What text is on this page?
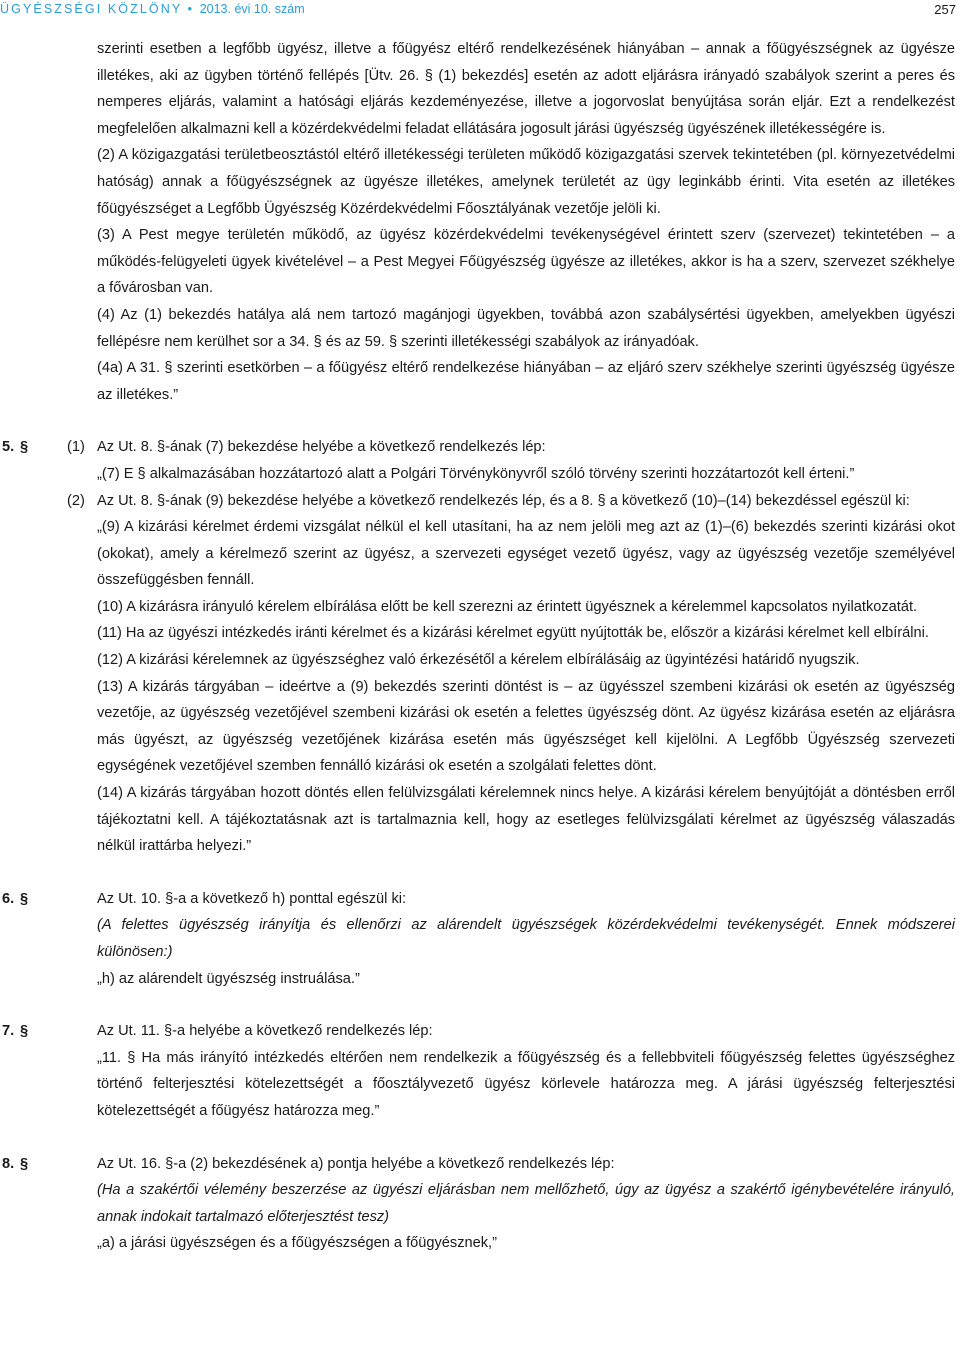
ÜGYÉSZSÉGI KÖZLÖNY • 2013. évi 10. szám	257

szerinti esetben a legfőbb ügyész, illetve a főügyész eltérő rendelkezésének hiányában – annak a főügyészségnek az ügyésze illetékes, aki az ügyben történő fellépés [Ütv. 26. § (1) bekezdés] esetén az adott eljárásra irányadó szabályok szerint a peres és nemperes eljárás, valamint a hatósági eljárás kezdeményezése, illetve a jogorvoslat benyújtása során eljár. Ezt a rendelkezést megfelelően alkalmazni kell a közérdekvédelmi feladat ellátására jogosult járási ügyészség ügyészének illetékességére is.

(2) A közigazgatási területbeosztástól eltérő illetékességi területen működő közigazgatási szervek tekintetében (pl. környezetvédelmi hatóság) annak a főügyészségnek az ügyésze illetékes, amelynek területét az ügy leginkább érinti. Vita esetén az illetékes főügyészséget a Legfőbb Ügyészség Közérdekvédelmi Főosztályának vezetője jelöli ki.

(3) A Pest megye területén működő, az ügyész közérdekvédelmi tevékenységével érintett szerv (szervezet) tekintetében – a működés-felügyeleti ügyek kivételével – a Pest Megyei Főügyészség ügyésze az illetékes, akkor is ha a szerv, szervezet székhelye a fővárosban van.

(4) Az (1) bekezdés hatálya alá nem tartozó magánjogi ügyekben, továbbá azon szabálysértési ügyekben, amelyekben ügyészi fellépésre nem kerülhet sor a 34. § és az 59. § szerinti illetékességi szabályok az irányadóak.

(4a) A 31. § szerinti esetkörben – a főügyész eltérő rendelkezése hiányában – az eljáró szerv székhelye szerinti ügyészség ügyésze az illetékes.”

5. §	(1) Az Ut. 8. §-ának (7) bekezdése helyébe a következő rendelkezés lép:

„(7) E § alkalmazásában hozzátartozó alatt a Polgári Törvénykönyvről szóló törvény szerinti hozzátartozót kell érteni.”

(2) Az Ut. 8. §-ának (9) bekezdése helyébe a következő rendelkezés lép, és a 8. § a következő (10)–(14) bekezdéssel egészül ki:

„(9) A kizárási kérelmet érdemi vizsgálat nélkül el kell utasítani, ha az nem jelöli meg azt az (1)–(6) bekezdés szerinti kizárási okot (okokat), amely a kérelmező szerint az ügyész, a szervezeti egységet vezető ügyész, vagy az ügyészség vezetője személyével összefüggésben fennáll.

(10) A kizárásra irányuló kérelem elbírálása előtt be kell szerezni az érintett ügyésznek a kérelemmel kapcsolatos nyilatkozatát.

(11) Ha az ügyészi intézkedés iránti kérelmet és a kizárási kérelmet együtt nyújtották be, először a kizárási kérelmet kell elbírálni.

(12) A kizárási kérelemnek az ügyészséghez való érkezésétől a kérelem elbírálásáig az ügyintézési határidő nyugszik.

(13) A kizárás tárgyában – ideértve a (9) bekezdés szerinti döntést is – az ügyésszel szembeni kizárási ok esetén az ügyészség vezetője, az ügyészség vezetőjével szembeni kizárási ok esetén a felettes ügyészség dönt. Az ügyész kizárása esetén az eljárásra más ügyészt, az ügyészség vezetőjének kizárása esetén más ügyészséget kell kijelölni. A Legfőbb Ügyészség szervezeti egységének vezetőjével szemben fennálló kizárási ok esetén a szolgálati felettes dönt.

(14) A kizárás tárgyában hozott döntés ellen felülvizsgálati kérelemnek nincs helye. A kizárási kérelem benyújtóját a döntésben erről tájékoztatni kell. A tájékoztatásnak azt is tartalmaznia kell, hogy az esetleges felülvizsgálati kérelmet az ügyészség válaszadás nélkül irattárba helyezi.”

6. §	Az Ut. 10. §-a a következő h) ponttal egészül ki:

(A felettes ügyészség irányítja és ellenőrzi az alárendelt ügyészségek közérdekvédelmi tevékenységét. Ennek módszerei különösen:)

„h) az alárendelt ügyészség instruálása.”

7. §	Az Ut. 11. §-a helyébe a következő rendelkezés lép:

„11. § Ha más irányító intézkedés eltérően nem rendelkezik a főügyészség és a fellebbviteli főügyészség felettes ügyészséghez történő felterjesztési kötelezettségét a főosztályvezető ügyész körlevele határozza meg. A járási ügyészség felterjesztési kötelezettségét a főügyész határozza meg.”

8. §	Az Ut. 16. §-a (2) bekezdésének a) pontja helyébe a következő rendelkezés lép:

(Ha a szakértői vélemény beszerzése az ügyészi eljárásban nem mellőzhető, úgy az ügyész a szakértő igénybevételére irányuló, annak indokait tartalmazó előterjesztést tesz)

„a) a járási ügyészségen és a főügyészségen a főügyésznek,”
